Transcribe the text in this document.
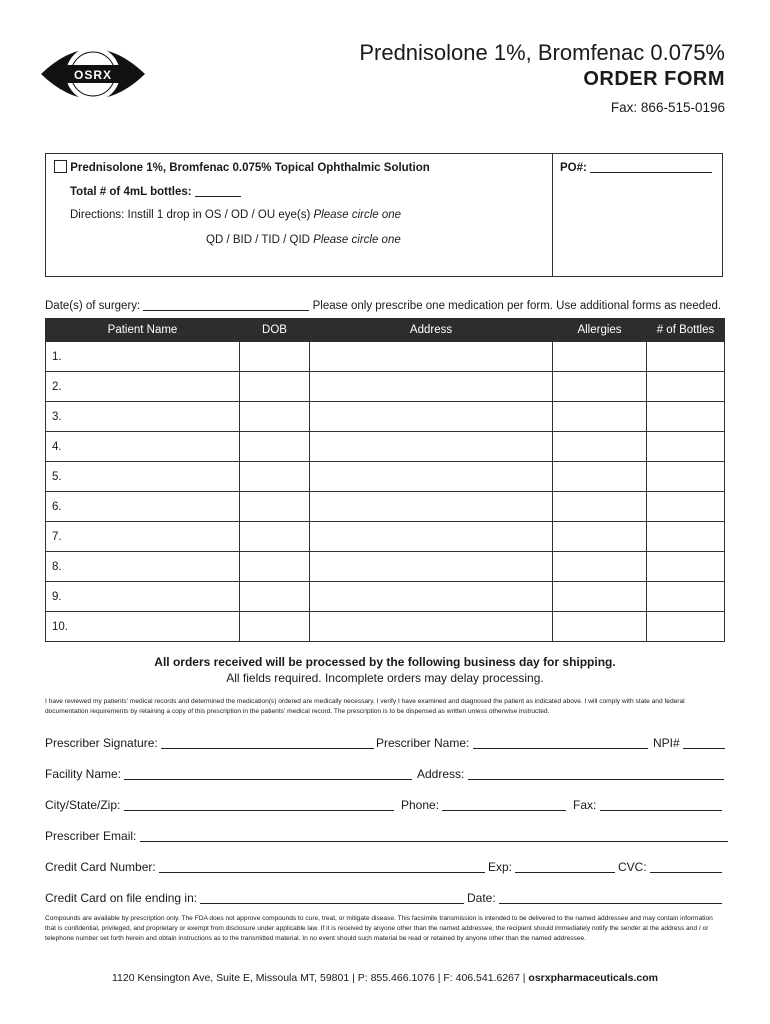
OSRX
Prednisolone 1%, Bromfenac 0.075%
ORDER FORM
Fax: 866-515-0196
Prednisolone 1%, Bromfenac 0.075% Topical Ophthalmic Solution	PO#:
Total # of 4mL bottles:
Directions: Instill 1 drop in OS / OD / OU eye(s) Please circle one
QD / BID / TID / QID Please circle one
Date(s) of surgery:	Please only prescribe one medication per form. Use additional forms as needed.
Patient Name	DOB	Address	Allergies	# of Bottles
1.				
2.				
3.				
4.				
5.				
6.				
7.				
8.				
9.				
10.				
All orders received will be processed by the following business day for shipping.
All fields required. Incomplete orders may delay processing.
I have reviewed my patients' medical records and determined the medication(s) ordered are medically necessary. I verify I have examined and diagnosed the patient as indicated above. I will comply with state and federal documentation requirements by retaining a copy of this prescription in the patients' medical record. The prescription is to be dispensed as written unless otherwise instructed.
Prescriber Signature:	Prescriber Name:	NPI#
Facility Name:	Address:
City/State/Zip:	Phone:	Fax:
Prescriber Email:
Credit Card Number:	Exp:	CVC:
Credit Card on file ending in:	Date:
Compounds are available by prescription only. The FDA does not approve compounds to cure, treat, or mitigate disease. This facsimile transmission is intended to be delivered to the named addressee and may contain information that is confidential, privileged, and proprietary or exempt from disclosure under applicable law. If it is received by anyone other than the named addressee, the recipient should immediately notify the sender at the address and / or telephone number set forth herein and obtain instructions as to the transmitted material. In no event should such material be read or retained by anyone other than the named addressee.
1120 Kensington Ave, Suite E, Missoula MT, 59801 | P: 855.466.1076 | F: 406.541.6267 | osrxpharmaceuticals.com
